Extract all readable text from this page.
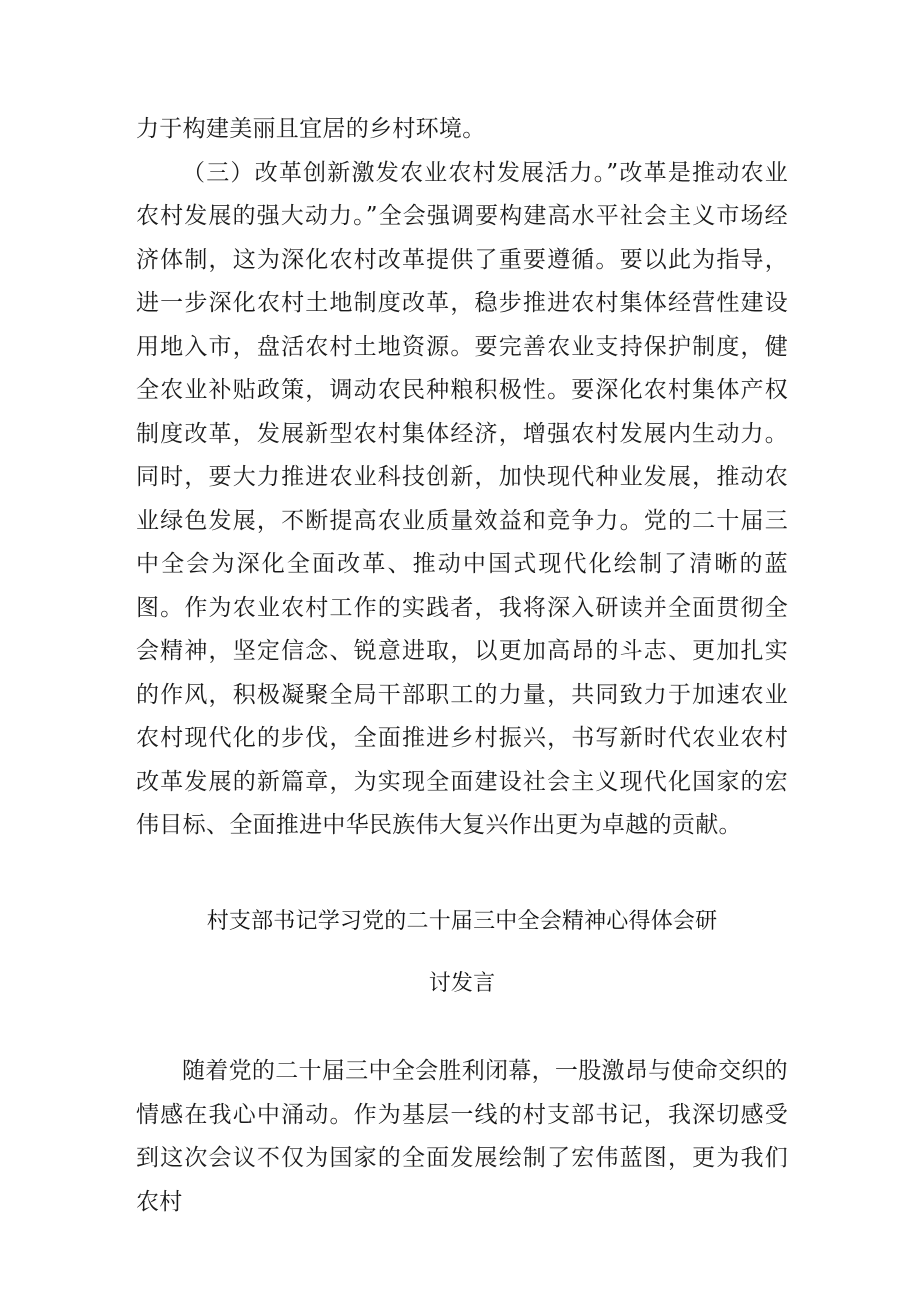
力于构建美丽且宜居的乡村环境。

（三）改革创新激发农业农村发展活力。”改革是推动农业农村发展的强大动力。”全会强调要构建高水平社会主义市场经济体制，这为深化农村改革提供了重要遵循。要以此为指导，进一步深化农村土地制度改革，稳步推进农村集体经营性建设用地入市，盘活农村土地资源。要完善农业支持保护制度，健全农业补贴政策，调动农民种粮积极性。要深化农村集体产权制度改革，发展新型农村集体经济，增强农村发展内生动力。同时，要大力推进农业科技创新，加快现代种业发展，推动农业绿色发展，不断提高农业质量效益和竞争力。党的二十届三中全会为深化全面改革、推动中国式现代化绘制了清晰的蓝图。作为农业农村工作的实践者，我将深入研读并全面贯彻全会精神，坚定信念、锐意进取，以更加高昂的斗志、更加扎实的作风，积极凝聚全局干部职工的力量，共同致力于加速农业农村现代化的步伐，全面推进乡村振兴，书写新时代农业农村改革发展的新篇章，为实现全面建设社会主义现代化国家的宏伟目标、全面推进中华民族伟大复兴作出更为卓越的贡献。

村支部书记学习党的二十届三中全会精神心得体会研
讨发言

随着党的二十届三中全会胜利闭幕，一股激昂与使命交织的情感在我心中涌动。作为基层一线的村支部书记，我深切感受到这次会议不仅为国家的全面发展绘制了宏伟蓝图，更为我们农村
